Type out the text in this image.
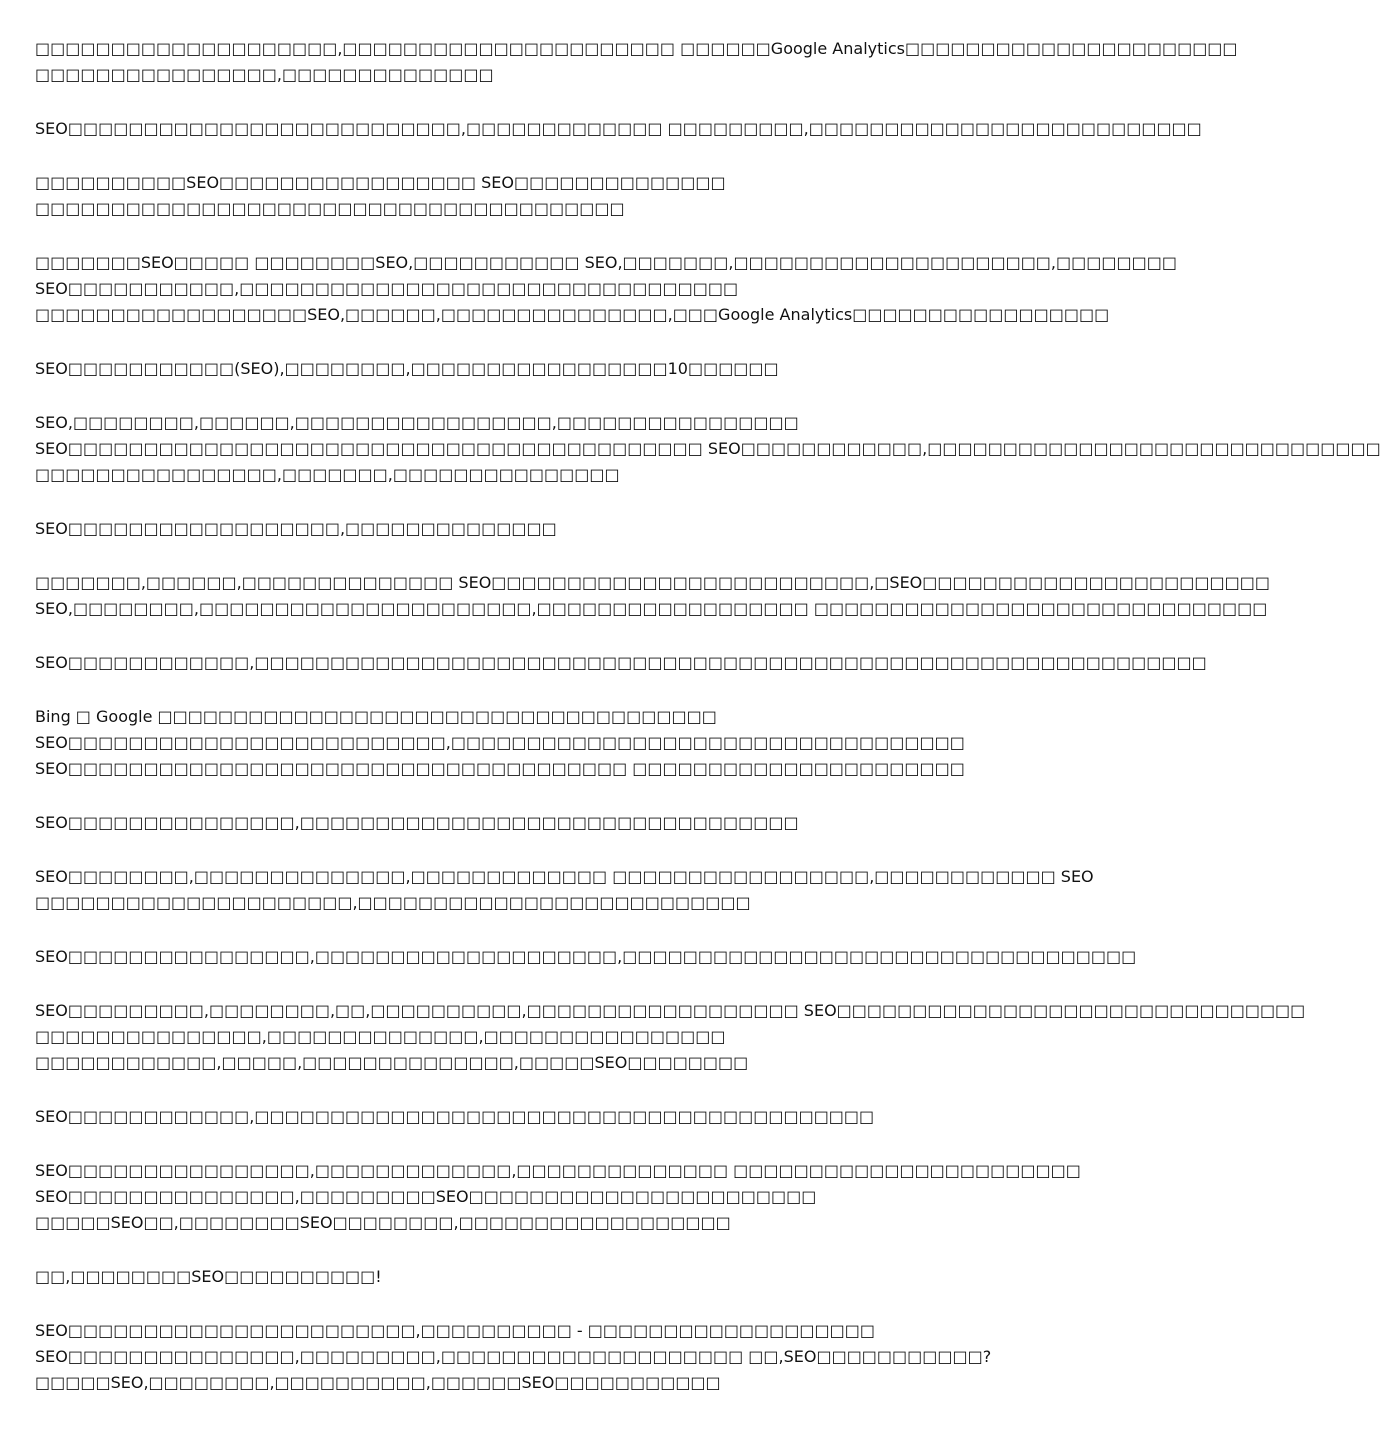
□□□□□□□□□□□□□□□□□□□□,□□□□□□□□□□□□□□□□□□□□□□ □□□□□□Google Analytics□□□□□□□□□□□□□□□□□□□□□□
□□□□□□□□□□□□□□□□,□□□□□□□□□□□□□□
SEO□□□□□□□□□□□□□□□□□□□□□□□□□□,□□□□□□□□□□□□□ □□□□□□□□□,□□□□□□□□□□□□□□□□□□□□□□□□□□
□□□□□□□□□□SEO□□□□□□□□□□□□□□□□□ SEO□□□□□□□□□□□□□□
□□□□□□□□□□□□□□□□□□□□□□□□□□□□□□□□□□□□□□□
□□□□□□□SEO□□□□□ □□□□□□□□SEO,□□□□□□□□□□□ SEO,□□□□□□□,□□□□□□□□□□□□□□□□□□□□□,□□□□□□□□
SEO□□□□□□□□□□□,□□□□□□□□□□□□□□□□□□□□□□□□□□□□□□□□□
□□□□□□□□□□□□□□□□□□SEO,□□□□□□,□□□□□□□□□□□□□□□,□□□Google Analytics□□□□□□□□□□□□□□□□□
SEO□□□□□□□□□□□(SEO),□□□□□□□□,□□□□□□□□□□□□□□□□□10□□□□□□
SEO,□□□□□□□□,□□□□□□,□□□□□□□□□□□□□□□□□,□□□□□□□□□□□□□□□□
SEO□□□□□□□□□□□□□□□□□□□□□□□□□□□□□□□□□□□□□□□□□□ SEO□□□□□□□□□□□□,□□□□□□□□□□□□□□□□□□□□□□□□□□□□□□
□□□□□□□□□□□□□□□□,□□□□□□□,□□□□□□□□□□□□□□□
SEO□□□□□□□□□□□□□□□□□□,□□□□□□□□□□□□□□
□□□□□□□,□□□□□□,□□□□□□□□□□□□□□ SEO□□□□□□□□□□□□□□□□□□□□□□□□□,□SEO□□□□□□□□□□□□□□□□□□□□□□□
SEO,□□□□□□□□,□□□□□□□□□□□□□□□□□□□□□□,□□□□□□□□□□□□□□□□□□ □□□□□□□□□□□□□□□□□□□□□□□□□□□□□□
SEO□□□□□□□□□□□□,□□□□□□□□□□□□□□□□□□□□□□□□□□□□□□□□□□□□□□□□□□□□□□□□□□□□□□□□□□□□□□□
Bing □ Google □□□□□□□□□□□□□□□□□□□□□□□□□□□□□□□□□□□□□
SEO□□□□□□□□□□□□□□□□□□□□□□□□□,□□□□□□□□□□□□□□□□□□□□□□□□□□□□□□□□□□
SEO□□□□□□□□□□□□□□□□□□□□□□□□□□□□□□□□□□□□□ □□□□□□□□□□□□□□□□□□□□□□
SEO□□□□□□□□□□□□□□□,□□□□□□□□□□□□□□□□□□□□□□□□□□□□□□□□□
SEO□□□□□□□□,□□□□□□□□□□□□□□,□□□□□□□□□□□□□ □□□□□□□□□□□□□□□□□,□□□□□□□□□□□□ SEO
□□□□□□□□□□□□□□□□□□□□□,□□□□□□□□□□□□□□□□□□□□□□□□□□
SEO□□□□□□□□□□□□□□□□,□□□□□□□□□□□□□□□□□□□□,□□□□□□□□□□□□□□□□□□□□□□□□□□□□□□□□□□
SEO□□□□□□□□□,□□□□□□□□,□□,□□□□□□□□□□,□□□□□□□□□□□□□□□□□□ SEO□□□□□□□□□□□□□□□□□□□□□□□□□□□□□□□
□□□□□□□□□□□□□□□,□□□□□□□□□□□□□□,□□□□□□□□□□□□□□□□
□□□□□□□□□□□□,□□□□□,□□□□□□□□□□□□□□,□□□□□SEO□□□□□□□□
SEO□□□□□□□□□□□□,□□□□□□□□□□□□□□□□□□□□□□□□□□□□□□□□□□□□□□□□□
SEO□□□□□□□□□□□□□□□□,□□□□□□□□□□□□□,□□□□□□□□□□□□□□ □□□□□□□□□□□□□□□□□□□□□□□
SEO□□□□□□□□□□□□□□□,□□□□□□□□□SEO□□□□□□□□□□□□□□□□□□□□□□□
□□□□□SEO□□,□□□□□□□□SEO□□□□□□□□,□□□□□□□□□□□□□□□□□□
□□,□□□□□□□□SEO□□□□□□□□□□!
SEO□□□□□□□□□□□□□□□□□□□□□□□,□□□□□□□□□□ - □□□□□□□□□□□□□□□□□□□
SEO□□□□□□□□□□□□□□□,□□□□□□□□□,□□□□□□□□□□□□□□□□□□□□ □□,SEO□□□□□□□□□□□?
□□□□□SEO,□□□□□□□□,□□□□□□□□□□,□□□□□□SEO□□□□□□□□□□□
